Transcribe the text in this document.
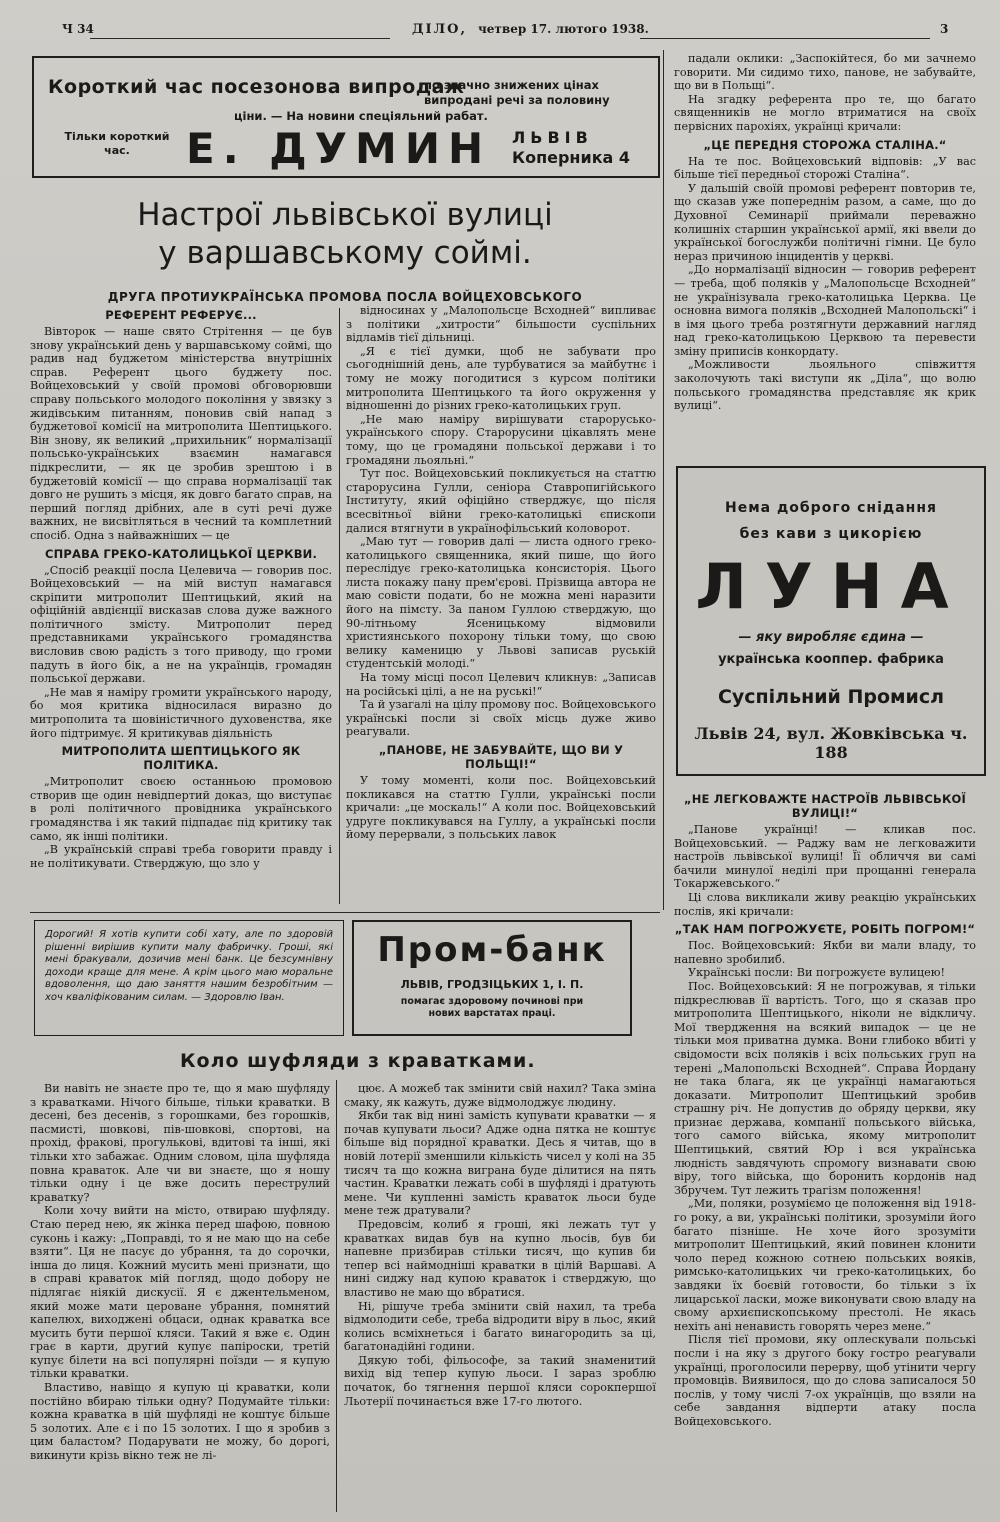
Ч 34	ДІЛО, четвер 17. лютого 1938.	3
Короткий час посезонова випродаж
по значно знижених цінах випродані речі за половину
ціни. — На новини спеціяльний рабат.
Тільки короткий час.	Е. ДУМИН ЛЬВІВ
Коперника 4
Настрої львівської вулиці
у варшавському соймі.
ДРУГА ПРОТИУКРАЇНСЬКА ПРОМОВА ПОСЛА ВОЙЦЕХОВСЬКОГО

РЕФЕРЕНТ РЕФЕРУЄ...

Вівторок — наше свято Стрітення — це був знову український день у варшавському соймі, що радив над буджетом міністерства внутрішніх справ. Референт цього буджету пос. Войцеховський у своїй промові обговорювши справу польського молодого покоління у звязку з жидівським питанням, поновив свій напад з буджетової комісії на митрополита Шептицького. Він знову, як великий „прихильник“ нормалізації польсько-українських взаємин намагався підкреслити, — як це зробив зрештою і в буджетовій комісії — що справа нормалізації так довго не рушить з місця, як довго багато справ, на перший погляд дрібних, але в суті речі дуже важних, не висвітляться в чесний та комплетний спосіб. Одна з найважніших — це

СПРАВА ГРЕКО-КАТОЛИЦЬКОЇ ЦЕРКВИ.

„Спосіб реакції посла Целевича — говорив пос. Войцеховський — на мій виступ намагався скріпити митрополит Шептицький, який на офіційній авдієнції висказав слова дуже важного політичного змісту. Митрополит перед представниками українського громадянства висловив свою радість з того приводу, що громи падуть в його бік, а не на українців, громадян польської держави.

„Не мав я наміру громити українського народу, бо моя критика відносилася виразно до митрополита та шовіністичного духовенства, яке його підтримує. Я критикував діяльність

МИТРОПОЛИТА ШЕПТИЦЬКОГО ЯК ПОЛІТИКА.

„Митрополит своєю останньою промовою створив ще один невідпертий доказ, що виступає в ролі політичного провідника українського громадянства і як такий підпадає під критику так само, як інші політики.

„В українській справі треба говорити правду і не політикувати. Стверджую, що зло у

відносинах у „Малопольсце Всходней“ випливає з політики „хитрости“ більшости суспільних відламів тієї дільниці.

„Я є тієї думки, щоб не забувати про сьогоднішній день, але турбуватися за майбутнє і тому не можу погодитися з курсом політики митрополита Шептицького та його окруження у відношенні до різних греко-католицьких груп.

„Не маю наміру вирішувати старорусько-українського спору. Старорусини цікавлять мене тому, що це громадяни польської держави і то громадяни льояльні.“

Тут пос. Войцеховський покликується на статтю старорусина Гулли, сеніора Ставропигійського Інституту, який офіційно стверджує, що після всесвітньої війни греко-католицькі єпископи далися втягнути в українофільський коловорот.

„Маю тут — говорив далі — листа одного греко-католицького священника, який пише, що його переслідує греко-католицька консисторія. Цього листа покажу пану прем'єрові. Прізвища автора не маю совісти подати, бо не можна мені наразити його на пімсту. За паном Гуллою стверджую, що 90-літньому Ясеницькому відмовили християнського похорону тільки тому, що свою велику каменицю у Львові записав руській студентській молоді.“

На тому місці посол Целевич кликнув: „Записав на російські цілі, а не на руські!“

Та й узагалі на цілу промову пос. Войцеховського українські посли зі своїх місць дуже живо реагували.

„ПАНОВЕ, НЕ ЗАБУВАЙТЕ, ЩО ВИ У ПОЛЬЩІ!“

У тому моменті, коли пос. Войцеховський покликався на статтю Гулли, українські посли кричали: „це москаль!“ А коли пос. Войцеховський удруге покликувався на Гуллу, а українські посли йому перервали, з польських лавок

падали оклики: „Заспокійтеся, бо ми зачнемо говорити. Ми сидимо тихо, панове, не забувайте, що ви в Польщі“.

На згадку референта про те, що багато священників не могло втриматися на своїх первісних парохіях, українці кричали:

„ЦЕ ПЕРЕДНЯ СТОРОЖА СТАЛІНА.“

На те пос. Войцеховський відповів: „У вас більше тієї передньої сторожі Сталіна“.

У дальшій своїй промові референт повторив те, що сказав уже попереднім разом, а саме, що до Духовної Семинарії приймали переважно колишніх старшин української армії, які ввели до української богослужби політичні гімни. Це було нераз причиною інцидентів у церкві.

„До нормалізації відносин — говорив референт — треба, щоб поляків у „Малопольсце Всходней“ не українізувала греко-католицька Церква. Це основна вимога поляків „Всходней Малопольскі“ і в імя цього треба розтягнути державний нагляд над греко-католицькою Церквою та перевести зміну приписів конкордату.

„Можливости льояльного співжиття заколочують такі виступи як „Діла“, що волю польського громадянства представляє як крик вулиці“.

Нема доброго снідання
без кави з цикорією
ЛУНА
— яку виробляє єдина —
українська кооппер. фабрика
Суспільний Промисл
Львів 24, вул. Жовківська ч. 188

„НЕ ЛЕГКОВАЖТЕ НАСТРОЇВ ЛЬВІВСЬКОЇ ВУЛИЦІ!“

„Панове українці! — кликав пос. Войцеховський. — Раджу вам не легковажити настроїв львівської вулиці! Її обличчя ви самі бачили минулої неділі при прощанні генерала Токаржевського.“

Ці слова викликали живу реакцію українських послів, які кричали:

„ТАК НАМ ПОГРОЖУЄТЕ, РОБІТЬ ПОГРОМ!“

Пос. Войцеховський: Якби ви мали владу, то напевно зробилиб.

Українські посли: Ви погрожуєте вулицею!

Пос. Войцеховський: Я не погрожував, я тільки підкреслював її вартість. Того, що я сказав про митрополита Шептицького, ніколи не відкличу. Мої твердження на всякий випадок — це не тільки моя приватна думка. Вони глибоко вбиті у свідомости всіх поляків і всіх польських груп на терені „Малопольскі Всходней“. Справа Йордану не така блага, як це українці намагаються доказати. Митрополит Шептицький зробив страшну річ. Не допустив до обряду церкви, яку признає держава, компанії польського війська, того самого війська, якому митрополит Шептицький, святий Юр і вся українська людність завдячують спромогу визнавати свою віру, того війська, що боронить кордонів над Збручем. Тут лежить трагізм положення!

„Ми, поляки, розуміємо це положення від 1918-го року, а ви, українські політики, зрозуміли його багато пізніше. Не хоче його зрозуміти митрополит Шептицький, який повинен клонити чоло перед кожною сотнею польських вояків, римсько-католицьких чи греко-католицьких, бо завдяки їх боєвій готовости, бо тільки з їх лицарської ласки, може виконувати свою владу на свому архиєпископському престолі. Не якась нехіть ані ненависть говорять через мене.“

Після тієї промови, яку оплескували польські посли і на яку з другого боку гостро реагували українці, проголосили перерву, щоб утінити чергу промовців. Виявилося, що до слова записалося 50 послів, у тому числі 7-ох українців, що взяли на себе завдання відперти атаку посла Войцеховського.

Дорогий! Я хотів купити собі хату, але по здоровій рішенні вирішив купити малу фабричку. Гроші, які мені бракували, дозичив мені банк. Це безсумнівну доходи краще для мене. А крім цього маю моральне вдоволення, що даю заняття нашим безробітним — хоч кваліфікованим силам. — Здоровлю Іван.
Пром-банк
ЛЬВІВ, ГРОДЗІЦЬКИХ 1, І. П.
помагає здоровому починові при нових варстатах праці.
Коло шуфляди з краватками.

Ви навіть не знаєте про те, що я маю шуфляду з краватками. Нічого більше, тільки краватки. В десені, без десенів, з горошками, без горошків, пасмисті, шовкові, пів-шовкові, спортові, на прохід, фракові, прогулькові, вдитові та інші, які тільки хто забажає. Одним словом, ціла шуфляда повна краваток. Але чи ви знаєте, що я ношу тільки одну і це вже досить переструлий краватку?

Коли хочу вийти на місто, отвираю шуфляду. Стаю перед нею, як жінка перед шафою, повною суконь і кажу: „Поправді, то я не маю що на себе взяти“. Ця не пасує до убрання, та до сорочки, інша до лиця. Кожний мусить мені признати, що в справі краваток мій погляд, щодо добору не підлягає ніякій дискусії. Я є джентельменом, який може мати цероване убрання, помнятий капелюх, виходжені обцаси, однак краватка все мусить бути першої кляси. Такий я вже є. Один грає в карти, другий купує папіроски, третій купує білети на всі популярні поїзди — я купую тільки краватки.

Властиво, навіщо я купую ці краватки, коли постійно вбираю тільки одну? Подумайте тільки: кожна краватка в цій шуфляді не коштує більше 5 золотих. Але є і по 15 золотих. І що я зробив з цим баластом? Подарувати не можу, бо дорогі, викинути крізь вікно теж не лі-

цює. А можеб так змінити свій нахил? Така зміна смаку, як кажуть, дуже відмолоджує людину.

Якби так від нині замість купувати краватки — я почав купувати льоси? Адже одна пятка не коштує більше від порядної краватки. Десь я читав, що в новій лотерії зменшили кількість чисел у колі на 35 тисяч та що кожна виграна буде ділитися на пять частин. Краватки лежать собі в шуфляді і дратують мене. Чи купленні замість краваток льоси буде мене теж дратували?

Предовсім, колиб я гроші, які лежать тут у краватках видав був на купно льосів, був би напевне призбирав стільки тисяч, що купив би тепер всі наймодніші краватки в цілій Варшаві. А нині сиджу над купою краваток і стверджую, що властиво не маю що вбратися.

Ні, рішуче треба змінити свій нахил, та треба відмолодити себе, треба відродити віру в льос, який колись всміхнеться і багато винагородить за ці, багатонадійні години.

Дякую тобі, фільософе, за такий знаменитий вихід від тепер купую льоси. І зараз зроблю початок, бо тягнення першої кляси сорокпершої Льотерії починається вже 17-го лютого.
